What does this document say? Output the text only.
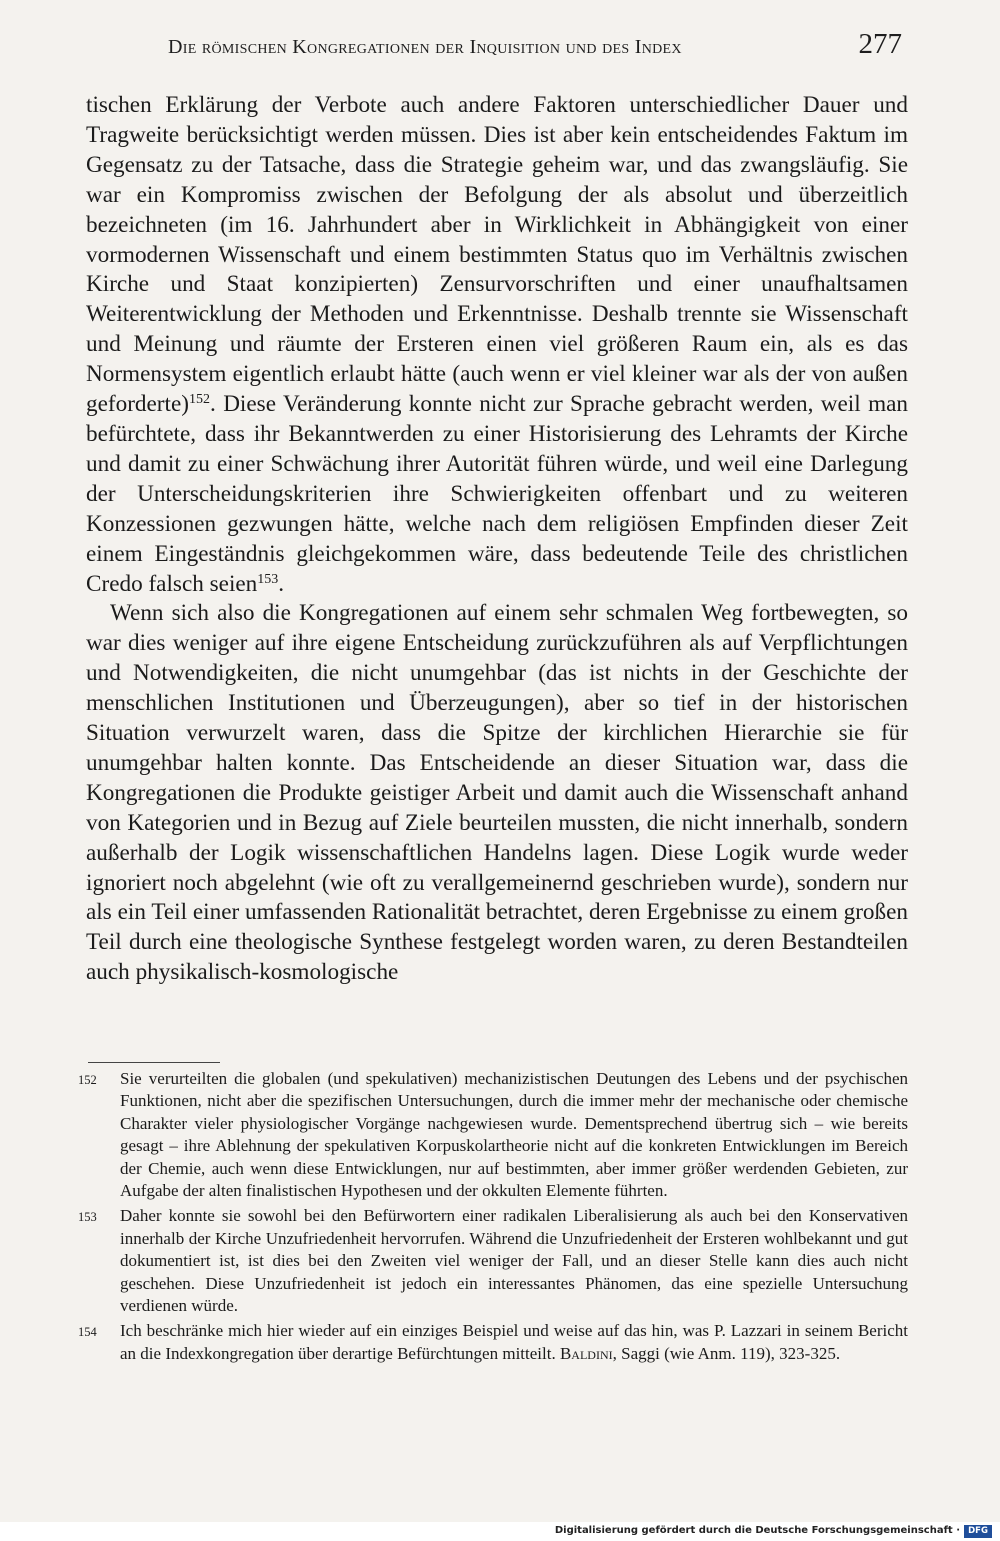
Die römischen Kongregationen der Inquisition und des Index	277

tischen Erklärung der Verbote auch andere Faktoren unterschiedlicher Dauer und Tragweite berücksichtigt werden müssen. Dies ist aber kein entscheidendes Faktum im Gegensatz zu der Tatsache, dass die Strategie geheim war, und das zwangsläufig. Sie war ein Kompromiss zwischen der Befolgung der als absolut und überzeitlich bezeichneten (im 16. Jahrhundert aber in Wirklichkeit in Abhängigkeit von einer vormodernen Wissenschaft und einem bestimmten Status quo im Verhältnis zwischen Kirche und Staat konzipierten) Zensurvorschriften und einer unaufhaltsamen Weiterentwicklung der Methoden und Erkenntnisse. Deshalb trennte sie Wissenschaft und Meinung und räumte der Ersteren einen viel größeren Raum ein, als es das Normensystem eigentlich erlaubt hätte (auch wenn er viel kleiner war als der von außen geforderte)$^{152}$. Diese Veränderung konnte nicht zur Sprache gebracht werden, weil man befürchtete, dass ihr Bekanntwerden zu einer Historisierung des Lehramts der Kirche und damit zu einer Schwächung ihrer Autorität führen würde, und weil eine Darlegung der Unterscheidungskriterien ihre Schwierigkeiten offenbart und zu weiteren Konzessionen gezwungen hätte, welche nach dem religiösen Empfinden dieser Zeit einem Eingeständnis gleichgekommen wäre, dass bedeutende Teile des christlichen Credo falsch seien$^{153}$.

Wenn sich also die Kongregationen auf einem sehr schmalen Weg fortbewegten, so war dies weniger auf ihre eigene Entscheidung zurückzuführen als auf Verpflichtungen und Notwendigkeiten, die nicht unumgehbar (das ist nichts in der Geschichte der menschlichen Institutionen und Überzeugungen), aber so tief in der historischen Situation verwurzelt waren, dass die Spitze der kirchlichen Hierarchie sie für unumgehbar halten konnte. Das Entscheidende an dieser Situation war, dass die Kongregationen die Produkte geistiger Arbeit und damit auch die Wissenschaft anhand von Kategorien und in Bezug auf Ziele beurteilen mussten, die nicht innerhalb, sondern außerhalb der Logik wissenschaftlichen Handelns lagen. Diese Logik wurde weder ignoriert noch abgelehnt (wie oft zu verallgemeinernd geschrieben wurde), sondern nur als ein Teil einer umfassenden Rationalität betrachtet, deren Ergebnisse zu einem großen Teil durch eine theologische Synthese festgelegt worden waren, zu deren Bestandteilen auch physikalisch-kosmologische

152	Sie verurteilten die globalen (und spekulativen) mechanizistischen Deutungen des Lebens und der psychischen Funktionen, nicht aber die spezifischen Untersuchungen, durch die immer mehr der mechanische oder chemische Charakter vieler physiologischer Vorgänge nachgewiesen wurde. Dementsprechend übertrug sich – wie bereits gesagt – ihre Ablehnung der spekulativen Korpuskolartheorie nicht auf die konkreten Entwicklungen im Bereich der Chemie, auch wenn diese Entwicklungen, nur auf bestimmten, aber immer größer werdenden Gebieten, zur Aufgabe der alten finalistischen Hypothesen und der okkulten Elemente führten.
153	Daher konnte sie sowohl bei den Befürwortern einer radikalen Liberalisierung als auch bei den Konservativen innerhalb der Kirche Unzufriedenheit hervorrufen. Während die Unzufriedenheit der Ersteren wohlbekannt und gut dokumentiert ist, ist dies bei den Zweiten viel weniger der Fall, und an dieser Stelle kann dies auch nicht geschehen. Diese Unzufriedenheit ist jedoch ein interessantes Phänomen, das eine spezielle Untersuchung verdienen würde.
154	Ich beschränke mich hier wieder auf ein einziges Beispiel und weise auf das hin, was P. Lazzari in seinem Bericht an die Indexkongregation über derartige Befürchtungen mitteilt. Baldini, Saggi (wie Anm. 119), 323-325.
Digitalisierung gefördert durch die Deutsche Forschungsgemeinschaft · DFG
